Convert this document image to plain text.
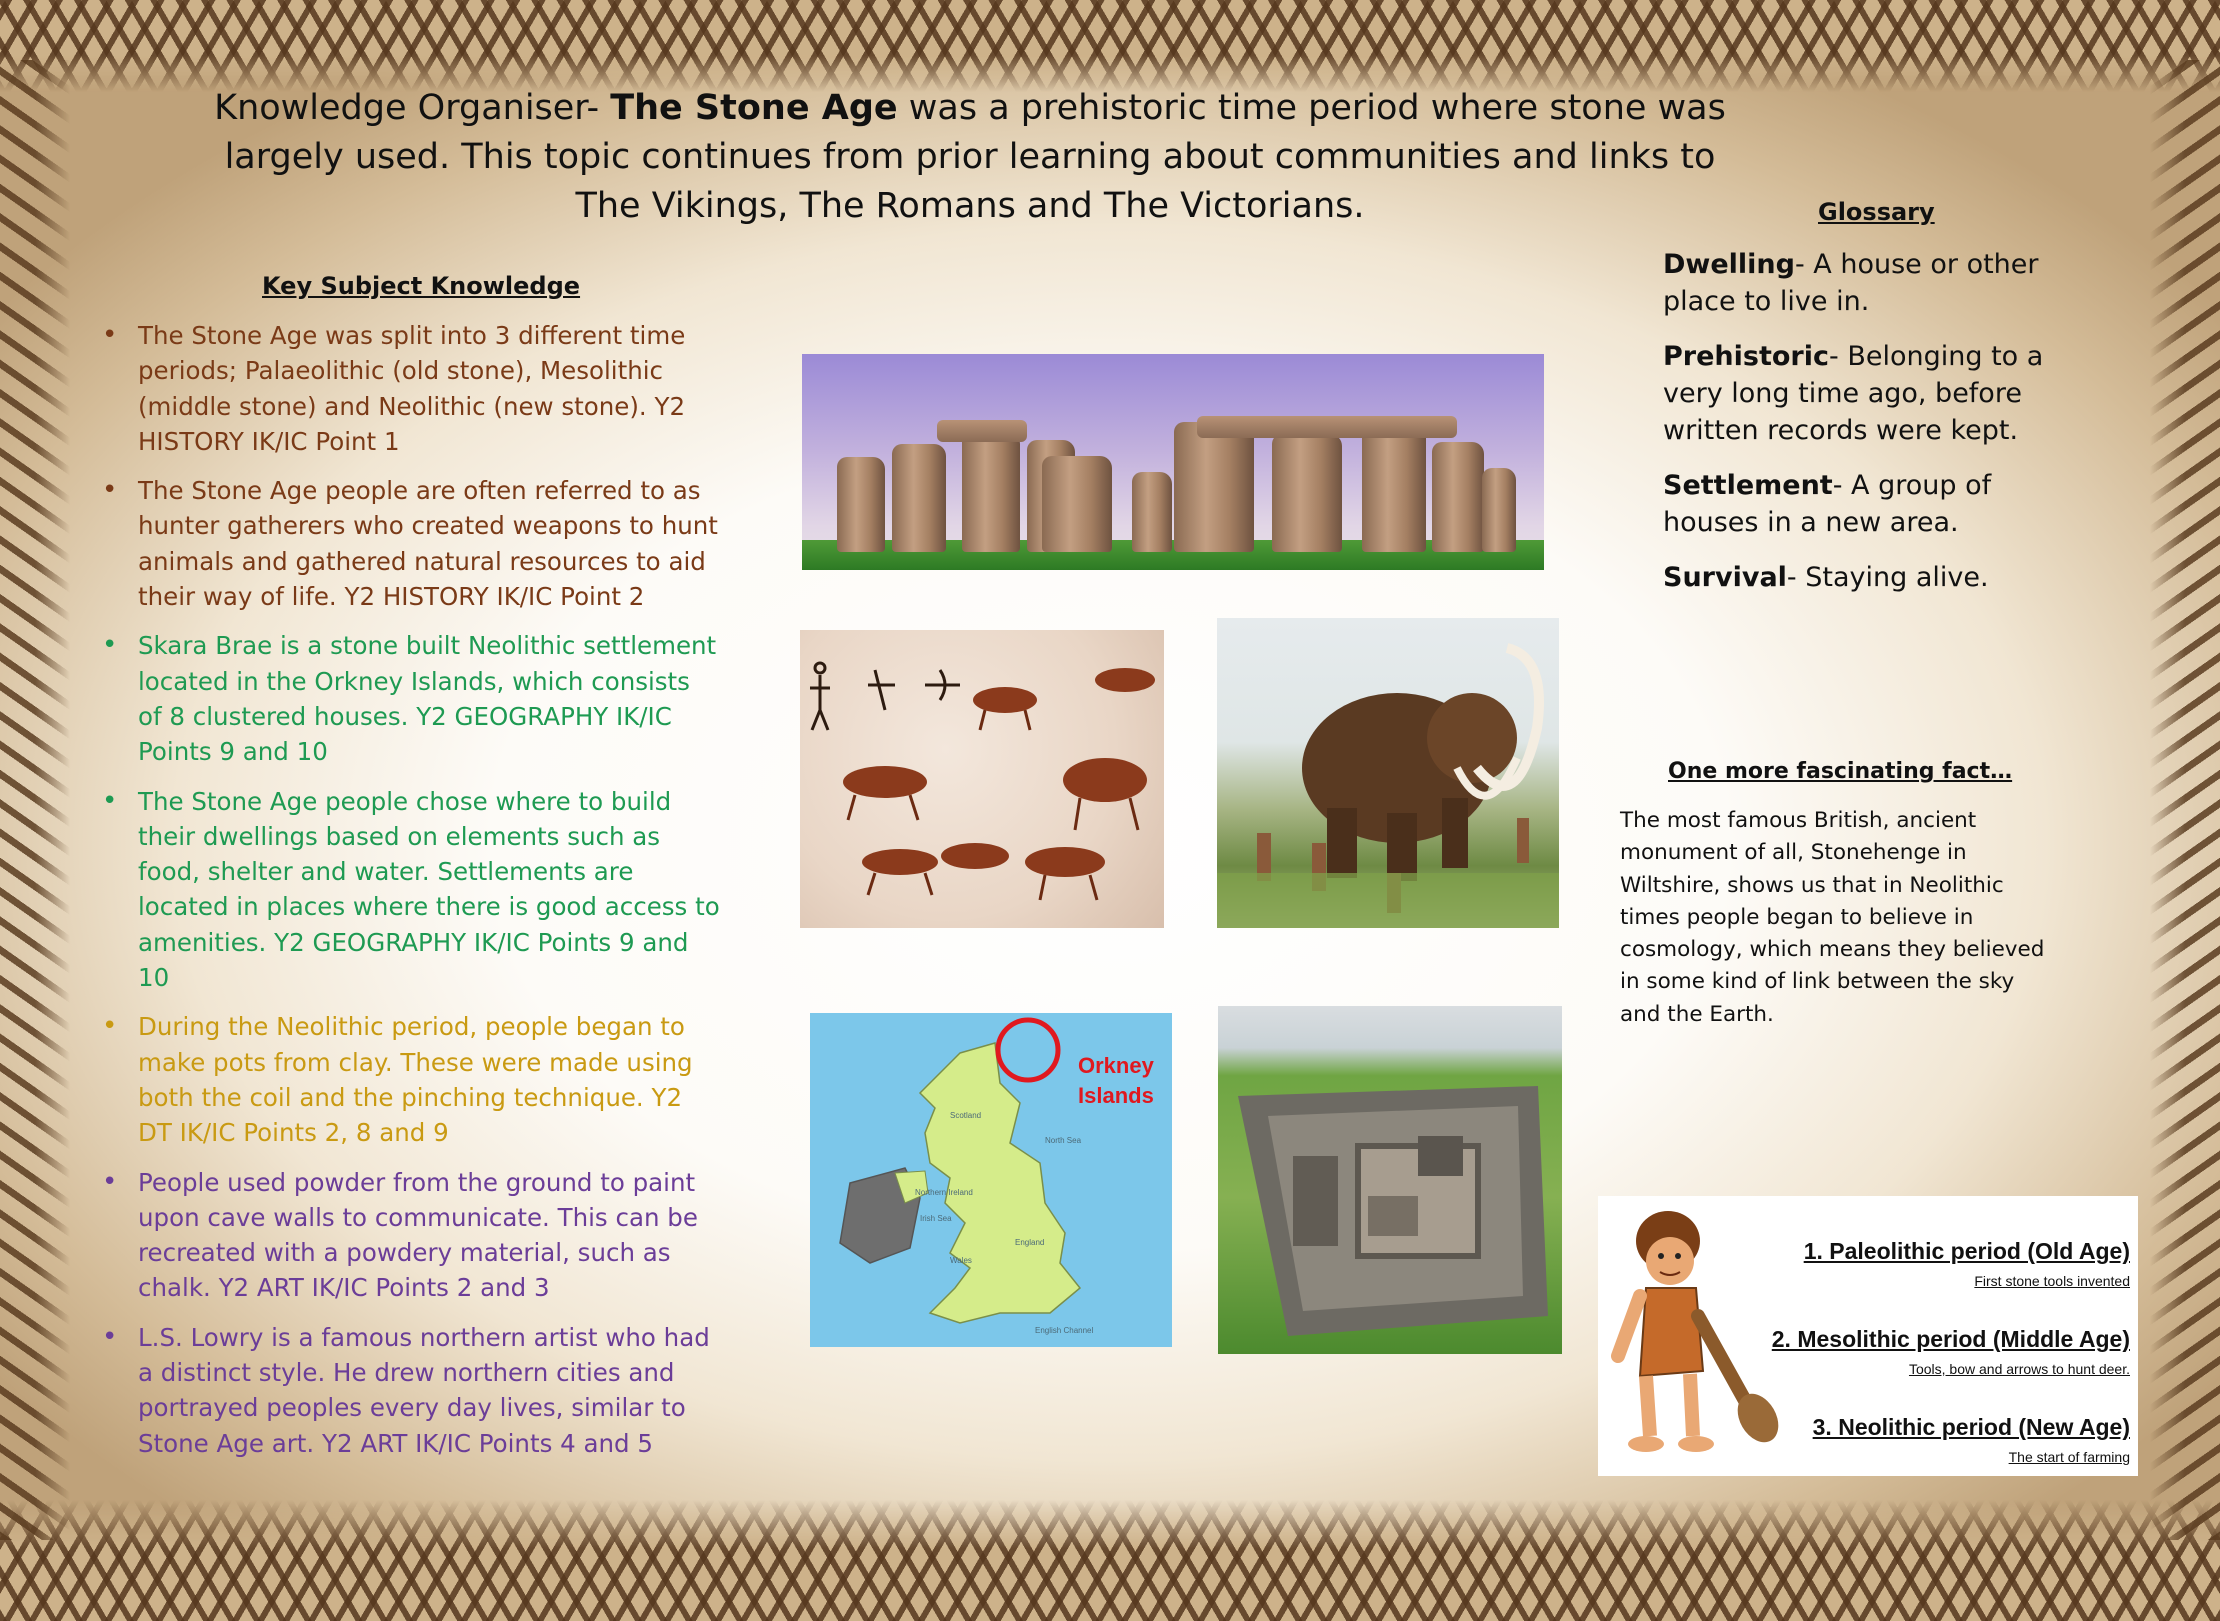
Knowledge Organiser- The Stone Age was a prehistoric time period where stone was largely used. This topic continues from prior learning about communities and links to The Vikings, The Romans and The Victorians.
Key Subject Knowledge
• The Stone Age was split into 3 different time periods; Palaeolithic (old stone), Mesolithic (middle stone) and Neolithic (new stone). Y2 HISTORY IK/IC Point 1
• The Stone Age people are often referred to as hunter gatherers who created weapons to hunt animals and gathered natural resources to aid their way of life. Y2 HISTORY IK/IC Point 2
• Skara Brae is a stone built Neolithic settlement located in the Orkney Islands, which consists of 8 clustered houses. Y2 GEOGRAPHY IK/IC Points 9 and 10
• The Stone Age people chose where to build their dwellings based on elements such as food, shelter and water. Settlements are located in places where there is good access to amenities. Y2 GEOGRAPHY IK/IC Points 9 and 10
• During the Neolithic period, people began to make pots from clay. These were made using both the coil and the pinching technique. Y2 DT IK/IC Points 2, 8 and 9
• People used powder from the ground to paint upon cave walls to communicate. This can be recreated with a powdery material, such as chalk. Y2 ART IK/IC Points 2 and 3
• L.S. Lowry is a famous northern artist who had a distinct style. He drew northern cities and portrayed peoples every day lives, similar to Stone Age art. Y2 ART IK/IC Points 4 and 5
Orkney
Islands
Scotland
North Sea
Northern Ireland
Irish Sea
England
Wales
English Channel
Glossary
Dwelling- A house or other place to live in.
Prehistoric- Belonging to a very long time ago, before written records were kept.
Settlement- A group of houses in a new area.
Survival- Staying alive.
One more fascinating fact…
The most famous British, ancient monument of all, Stonehenge in Wiltshire, shows us that in Neolithic times people began to believe in cosmology, which means they believed in some kind of link between the sky and the Earth.
1. Paleolithic period (Old Age)
First stone tools invented
2. Mesolithic period (Middle Age)
Tools, bow and arrows to hunt deer.
3. Neolithic period (New Age)
The start of farming
